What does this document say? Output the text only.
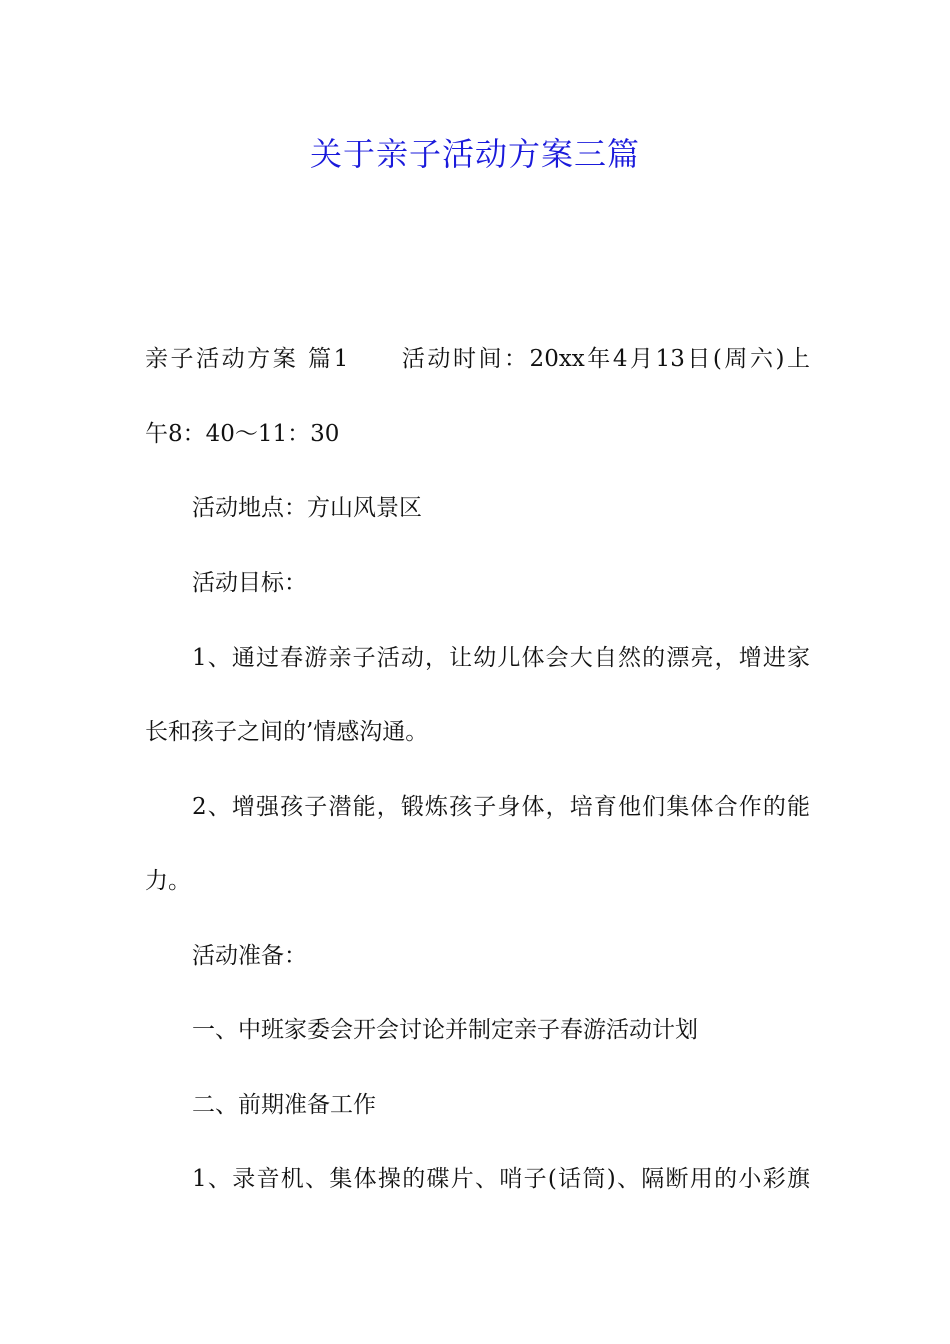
关于亲子活动方案三篇

亲子活动方案 篇1　　活动时间：20xx年4月13日(周六)上

午8：40～11：30

活动地点：方山风景区

活动目标：

1、通过春游亲子活动，让幼儿体会大自然的漂亮，增进家

长和孩子之间的’情感沟通。

2、增强孩子潜能，锻炼孩子身体，培育他们集体合作的能

力。

活动准备：

一、中班家委会开会讨论并制定亲子春游活动计划

二、前期准备工作

1、录音机、集体操的碟片、哨子(话筒)、隔断用的小彩旗
